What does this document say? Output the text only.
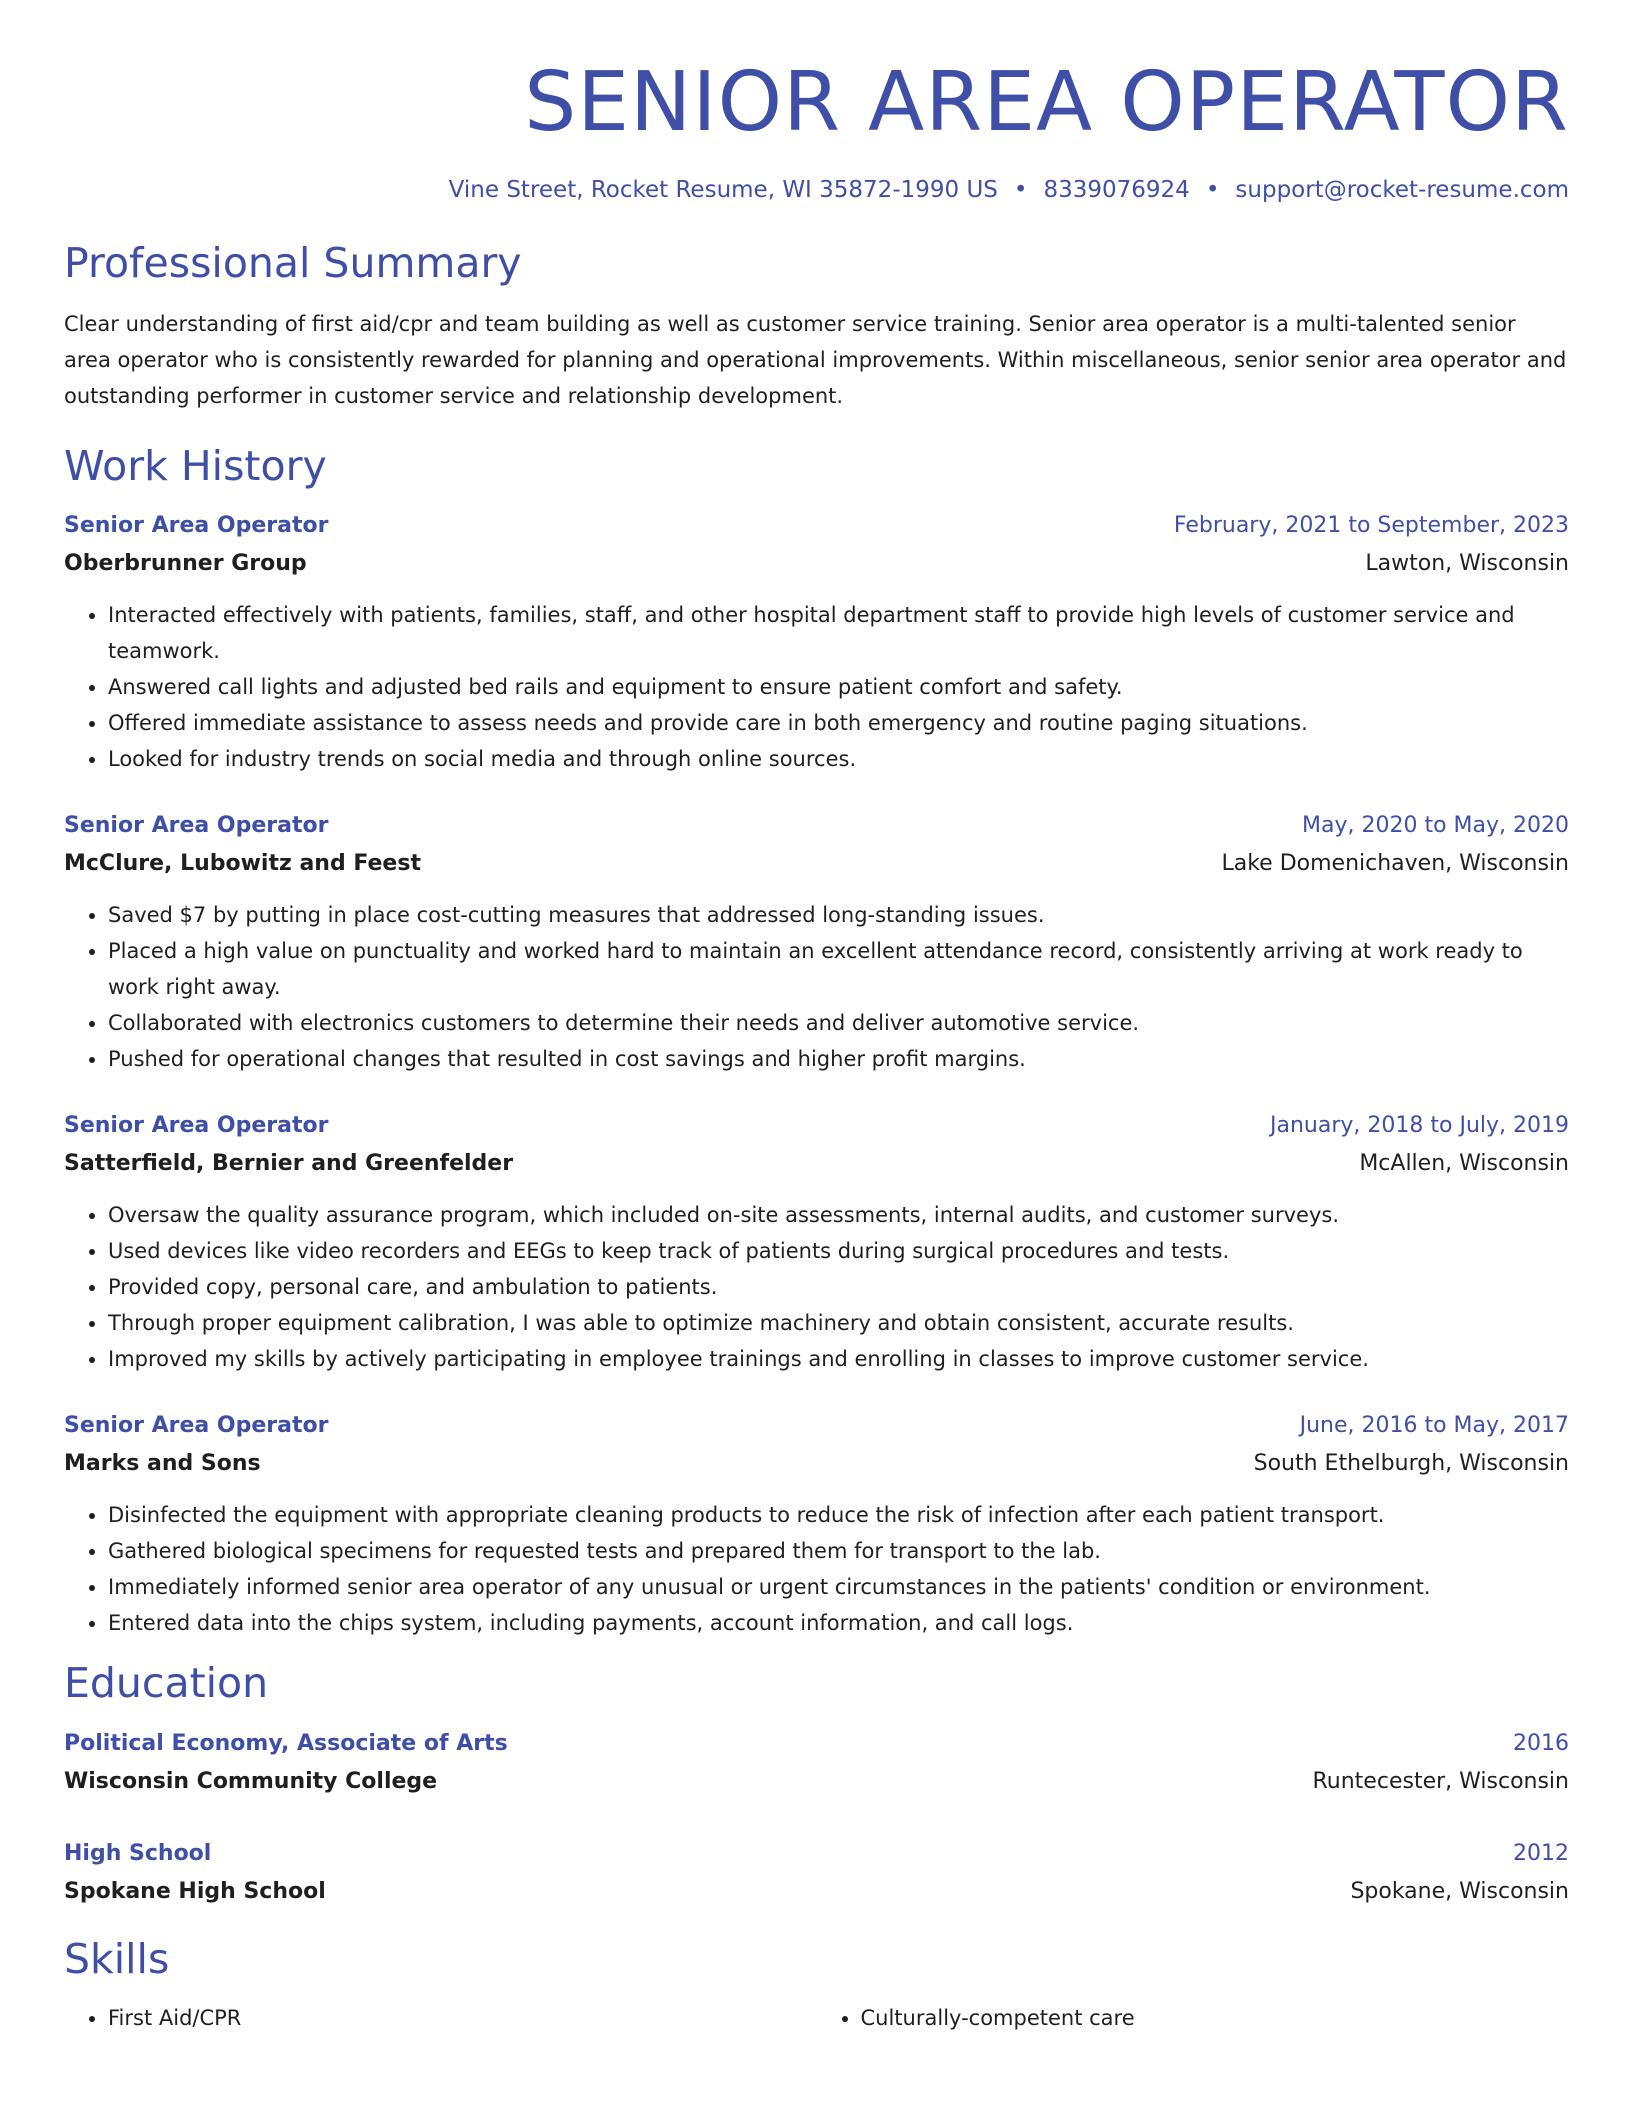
SENIOR AREA OPERATOR
Vine Street, Rocket Resume, WI 35872-1990 US • 8339076924 • support@rocket-resume.com
Professional Summary
Clear understanding of first aid/cpr and team building as well as customer service training. Senior area operator is a multi-talented senior area operator who is consistently rewarded for planning and operational improvements. Within miscellaneous, senior senior area operator and outstanding performer in customer service and relationship development.
Work History
Senior Area Operator	February, 2021 to September, 2023
Oberbrunner Group	Lawton, Wisconsin
• Interacted effectively with patients, families, staff, and other hospital department staff to provide high levels of customer service and teamwork.
• Answered call lights and adjusted bed rails and equipment to ensure patient comfort and safety.
• Offered immediate assistance to assess needs and provide care in both emergency and routine paging situations.
• Looked for industry trends on social media and through online sources.
Senior Area Operator	May, 2020 to May, 2020
McClure, Lubowitz and Feest	Lake Domenichaven, Wisconsin
• Saved $7 by putting in place cost-cutting measures that addressed long-standing issues.
• Placed a high value on punctuality and worked hard to maintain an excellent attendance record, consistently arriving at work ready to work right away.
• Collaborated with electronics customers to determine their needs and deliver automotive service.
• Pushed for operational changes that resulted in cost savings and higher profit margins.
Senior Area Operator	January, 2018 to July, 2019
Satterfield, Bernier and Greenfelder	McAllen, Wisconsin
• Oversaw the quality assurance program, which included on-site assessments, internal audits, and customer surveys.
• Used devices like video recorders and EEGs to keep track of patients during surgical procedures and tests.
• Provided copy, personal care, and ambulation to patients.
• Through proper equipment calibration, I was able to optimize machinery and obtain consistent, accurate results.
• Improved my skills by actively participating in employee trainings and enrolling in classes to improve customer service.
Senior Area Operator	June, 2016 to May, 2017
Marks and Sons	South Ethelburgh, Wisconsin
• Disinfected the equipment with appropriate cleaning products to reduce the risk of infection after each patient transport.
• Gathered biological specimens for requested tests and prepared them for transport to the lab.
• Immediately informed senior area operator of any unusual or urgent circumstances in the patients' condition or environment.
• Entered data into the chips system, including payments, account information, and call logs.
Education
Political Economy, Associate of Arts	2016
Wisconsin Community College	Runtecester, Wisconsin
High School	2012
Spokane High School	Spokane, Wisconsin
Skills
• First Aid/CPR
•	Culturally-competent care
